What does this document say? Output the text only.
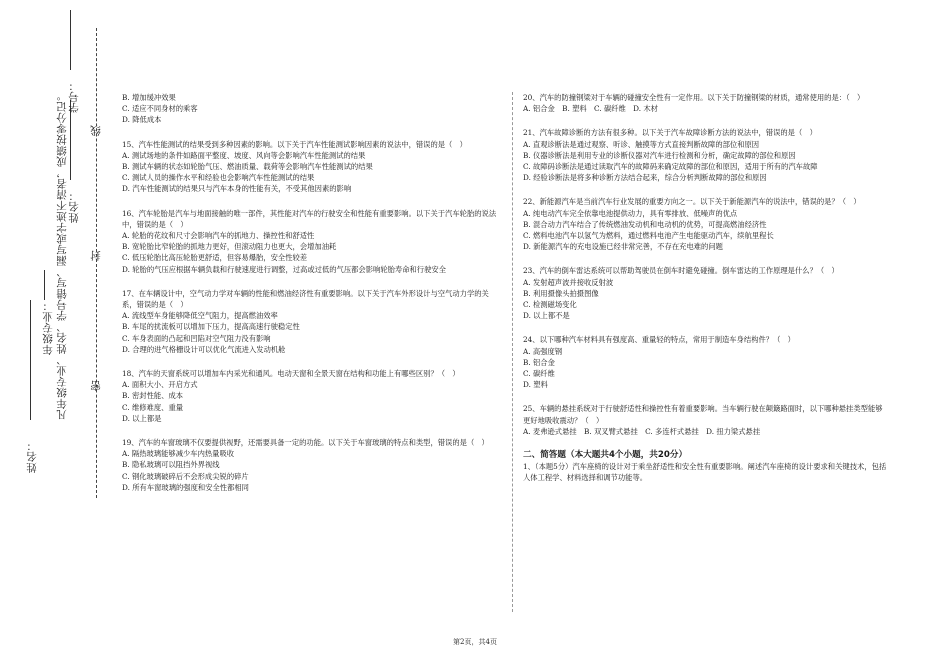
姓名：
年级专业： 凡年级专业、姓名、学号错写、漏写或字迹不清者，成绩按零分记。 姓名：
学号：
线
封
密

B. 增加缓冲效果

C. 适应不同身材的乘客

D. 降低成本

15、汽车性能测试的结果受到多种因素的影响。以下关于汽车性能测试影响因素的说法中，错误的是（　）

A. 测试场地的条件如路面平整度、坡度、风向等会影响汽车性能测试的结果

B. 测试车辆的状态如轮胎气压、燃油质量、载荷等会影响汽车性能测试的结果

C. 测试人员的操作水平和经验也会影响汽车性能测试的结果

D. 汽车性能测试的结果只与汽车本身的性能有关，不受其他因素的影响

16、汽车轮胎是汽车与地面接触的唯一部件，其性能对汽车的行驶安全和性能有重要影响。以下关于汽车轮胎的说法中，错误的是（　）

A. 轮胎的花纹和尺寸会影响汽车的抓地力、操控性和舒适性

B. 宽轮胎比窄轮胎的抓地力更好，但滚动阻力也更大，会增加油耗

C. 低压轮胎比高压轮胎更舒适，但容易爆胎，安全性较差

D. 轮胎的气压应根据车辆负载和行驶速度进行调整，过高或过低的气压都会影响轮胎寿命和行驶安全

17、在车辆设计中，空气动力学对车辆的性能和燃油经济性有重要影响。以下关于汽车外形设计与空气动力学的关系，错误的是（　）

A. 流线型车身能够降低空气阻力，提高燃油效率

B. 车尾的扰流板可以增加下压力，提高高速行驶稳定性

C. 车身表面的凸起和凹陷对空气阻力没有影响

D. 合理的进气格栅设计可以优化气流进入发动机舱

18、汽车的天窗系统可以增加车内采光和通风。电动天窗和全景天窗在结构和功能上有哪些区别？（　）

A. 面积大小、开启方式

B. 密封性能、成本

C. 维修难度、重量

D. 以上都是

19、汽车的车窗玻璃不仅要提供视野，还需要具备一定的功能。以下关于车窗玻璃的特点和类型，错误的是（　）

A. 隔热玻璃能够减少车内热量吸收

B. 隐私玻璃可以阻挡外界视线

C. 钢化玻璃破碎后不会形成尖锐的碎片

D. 所有车窗玻璃的强度和安全性都相同

20、汽车的防撞钢梁对于车辆的碰撞安全性有一定作用。以下关于防撞钢梁的材质，通常使用的是：（　）

A. 铝合金　B. 塑料　C. 碳纤维　D. 木材

21、汽车故障诊断的方法有很多种。以下关于汽车故障诊断方法的说法中，错误的是（　）

A. 直观诊断法是通过观察、听诊、触摸等方式直接判断故障的部位和原因

B. 仪器诊断法是利用专业的诊断仪器对汽车进行检测和分析，确定故障的部位和原因

C. 故障码诊断法是通过读取汽车的故障码来确定故障的部位和原因，适用于所有的汽车故障

D. 经验诊断法是将多种诊断方法结合起来，综合分析判断故障的部位和原因

22、新能源汽车是当前汽车行业发展的重要方向之一。以下关于新能源汽车的说法中，错误的是？（　）

A. 纯电动汽车完全依靠电池提供动力，具有零排放、低噪声的优点

B. 混合动力汽车结合了传统燃油发动机和电动机的优势，可提高燃油经济性

C. 燃料电池汽车以氢气为燃料，通过燃料电池产生电能驱动汽车，续航里程长

D. 新能源汽车的充电设施已经非常完善，不存在充电难的问题

23、汽车的倒车雷达系统可以帮助驾驶员在倒车时避免碰撞。倒车雷达的工作原理是什么？（　）

A. 发射超声波并接收反射波

B. 利用摄像头拍摄图像

C. 检测磁场变化

D. 以上都不是

24、以下哪种汽车材料具有强度高、重量轻的特点，常用于制造车身结构件？（　）

A. 高强度钢

B. 铝合金

C. 碳纤维

D. 塑料

25、车辆的悬挂系统对于行驶舒适性和操控性有着重要影响。当车辆行驶在颠簸路面时，以下哪种悬挂类型能够更好地吸收震动？（　）

A. 麦弗逊式悬挂　B. 双叉臂式悬挂　C. 多连杆式悬挂　D. 扭力梁式悬挂

二、简答题（本大题共4个小题，共20分）

1、（本题5分）汽车座椅的设计对于乘坐舒适性和安全性有重要影响。阐述汽车座椅的设计要求和关键技术，包括人体工程学、材料选择和调节功能等。

第2页，共4页
